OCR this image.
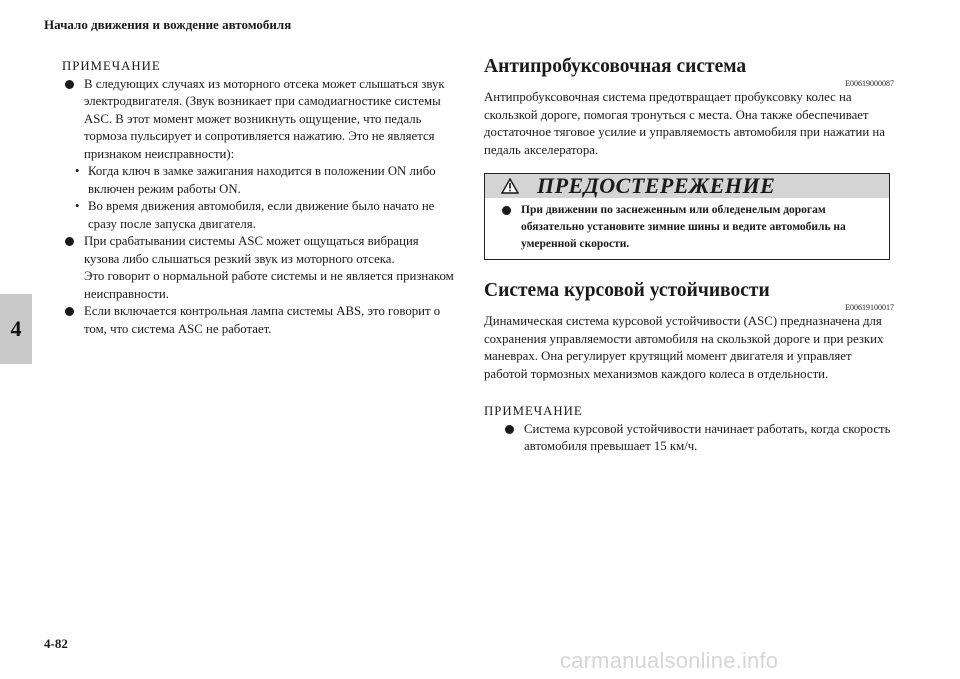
Начало движения и вождение автомобиля
4
ПРИМЕЧАНИЕ
В следующих случаях из моторного отсека может слышаться звук электродвигателя. (Звук возникает при самодиагностике системы ASC. В этот момент может возникнуть ощущение, что педаль тормоза пульсирует и сопротивляется нажатию. Это не является признаком неисправности):
• Когда ключ в замке зажигания находится в положении ON либо включен режим работы ON.
• Во время движения автомобиля, если движение было начато не сразу после запуска двигателя.
При срабатывании системы ASC может ощущаться вибрация кузова либо слышаться резкий звук из моторного отсека.
Это говорит о нормальной работе системы и не является признаком неисправности.
Если включается контрольная лампа системы ABS, это говорит о том, что система ASC не работает.
Антипробуксовочная система
E00619000087

Антипробуксовочная система предотвращает пробуксовку колес на скользкой дороге, помогая тронуться с места. Она также обеспечивает достаточное тяговое усилие и управляемость автомобиля при нажатии на педаль акселератора.

ПРЕДОСТЕРЕЖЕНИЕ
При движении по заснеженным или обледенелым дорогам обязательно установите зимние шины и ведите автомобиль на умеренной скорости.
Система курсовой устойчивости
E00619100017

Динамическая система курсовой устойчивости (ASC) предназначена для сохранения управляемости автомобиля на скользкой дороге и при резких маневрах. Она регулирует крутящий момент двигателя и управляет работой тормозных механизмов каждого колеса в отдельности.

ПРИМЕЧАНИЕ
Система курсовой устойчивости начинает работать, когда скорость автомобиля превышает 15 км/ч.
4-82
carmanualsonline.info
